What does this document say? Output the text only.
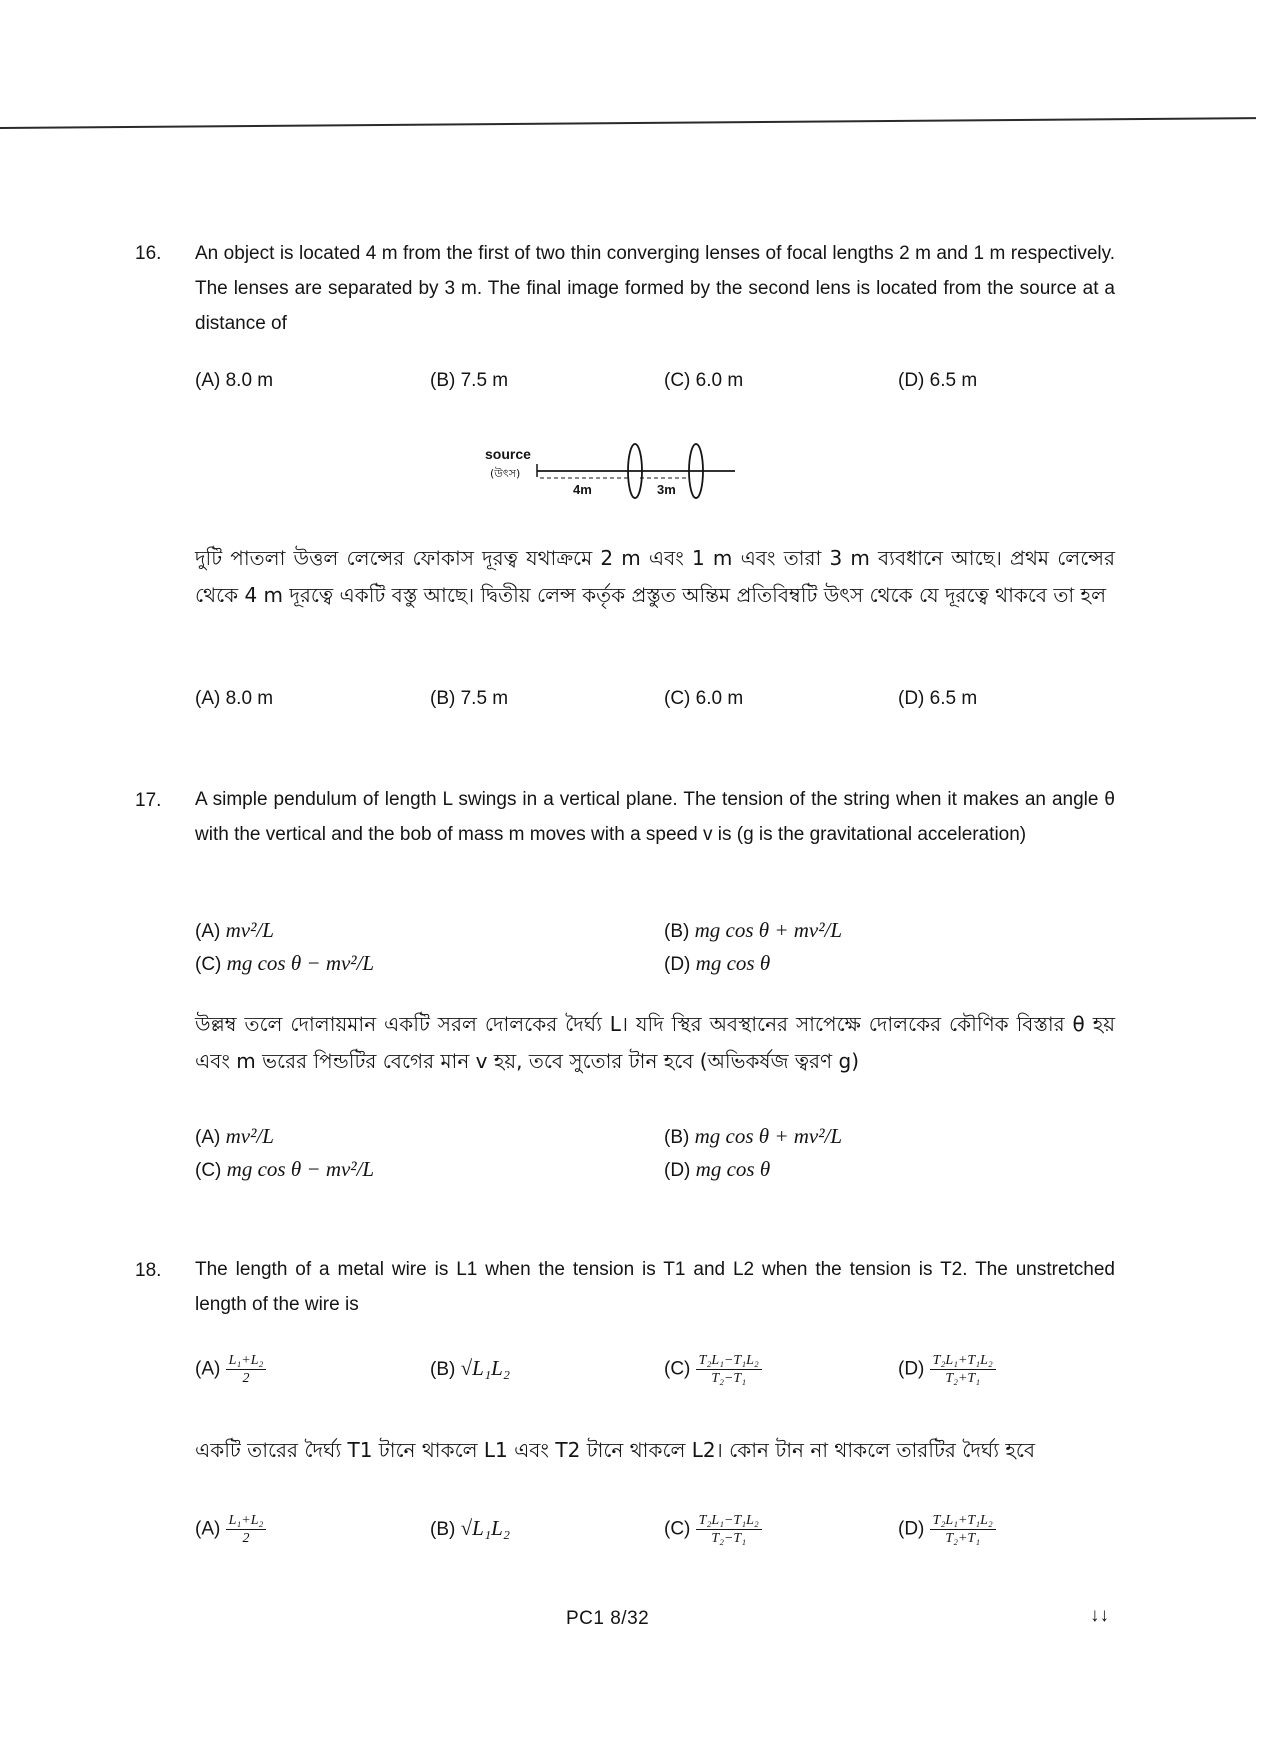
16. An object is located 4 m from the first of two thin converging lenses of focal lengths 2 m and 1 m respectively. The lenses are separated by 3 m. The final image formed by the second lens is located from the source at a distance of
(A) 8.0 m	(B) 7.5 m	(C) 6.0 m	(D) 6.5 m
source
(উৎস)
4m	3m
দুটি পাতলা উত্তল লেন্সের ফোকাস দূরত্ব যথাক্রমে 2 m এবং 1 m এবং তারা 3 m ব্যবধানে আছে। প্রথম লেন্সের থেকে 4 m দূরত্বে একটি বস্তু আছে। দ্বিতীয় লেন্স কর্তৃক প্রস্তুত অন্তিম প্রতিবিম্বটি উৎস থেকে যে দূরত্বে থাকবে তা হল
(A) 8.0 m	(B) 7.5 m	(C) 6.0 m	(D) 6.5 m
17. A simple pendulum of length L swings in a vertical plane. The tension of the string when it makes an angle θ with the vertical and the bob of mass m moves with a speed v is (g is the gravitational acceleration)
(A) mv²/L	(B) mg cos θ + mv²/L
(C) mg cos θ − mv²/L	(D) mg cos θ
উল্লম্ব তলে দোলায়মান একটি সরল দোলকের দৈর্ঘ্য L। যদি স্থির অবস্থানের সাপেক্ষে দোলকের কৌণিক বিস্তার θ হয় এবং m ভরের পিন্ডটির বেগের মান v হয়, তবে সুতোর টান হবে (অভিকর্ষজ ত্বরণ g)
(A) mv²/L	(B) mg cos θ + mv²/L
(C) mg cos θ − mv²/L	(D) mg cos θ
18. The length of a metal wire is L1 when the tension is T1 and L2 when the tension is T2. The unstretched length of the wire is
$(A) \frac{\text{L₁+L₂}}{2}$	(B) √L₁L₂	$(C) \frac{\text{T₂L₁−T₁L₂}}{\text{T₂−T₁}}$	$(D) \frac{\text{T₂L₁+T₁L₂}}{\text{T₂+T₁}}$
একটি তারের দৈর্ঘ্য T1 টানে থাকলে L1 এবং T2 টানে থাকলে L2। কোন টান না থাকলে তারটির দৈর্ঘ্য হবে
$(A) \frac{\text{L₁+L₂}}{2}$	(B) √L₁L₂	$(C) \frac{\text{T₂L₁−T₁L₂}}{\text{T₂−T₁}}$	$(D) \frac{\text{T₂L₁+T₁L₂}}{\text{T₂+T₁}}$
PC1 8/32	↓↓
